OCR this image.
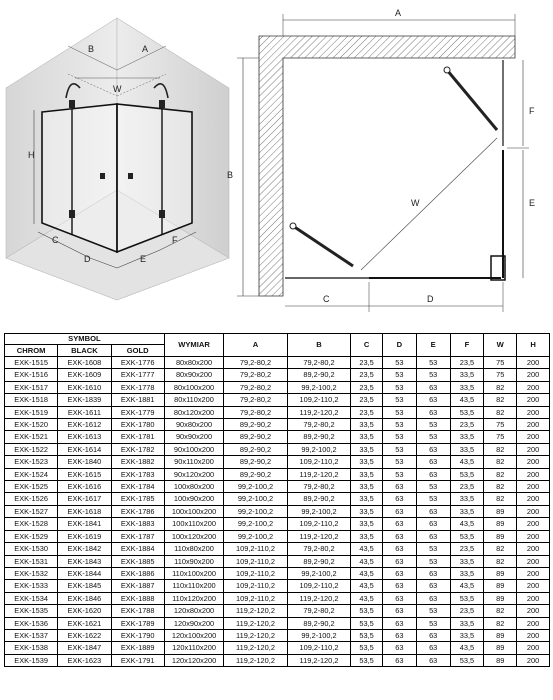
B	A
W
H
C
D	E
F
A
B
W
C	D
F
E
SYMBOL			WYMIAR	A	B	C	D	E	F	W	H
CHROM	BLACK	GOLD									
EXK-1515	EXK-1608	EXK-1776	80x80x200	79,2-80,2	79,2-80,2	23,5	53	53	23,5	75	200
EXK-1516	EXK-1609	EXK-1777	80x90x200	79,2-80,2	89,2-90,2	23,5	53	53	33,5	75	200
EXK-1517	EXK-1610	EXK-1778	80x100x200	79,2-80,2	99,2-100,2	23,5	53	63	33,5	82	200
EXK-1518	EXK-1839	EXK-1881	80x110x200	79,2-80,2	109,2-110,2	23,5	53	63	43,5	82	200
EXK-1519	EXK-1611	EXK-1779	80x120x200	79,2-80,2	119,2-120,2	23,5	53	63	53,5	82	200
EXK-1520	EXK-1612	EXK-1780	90x80x200	89,2-90,2	79,2-80,2	33,5	53	53	23,5	75	200
EXK-1521	EXK-1613	EXK-1781	90x90x200	89,2-90,2	89,2-90,2	33,5	53	53	33,5	75	200
EXK-1522	EXK-1614	EXK-1782	90x100x200	89,2-90,2	99,2-100,2	33,5	53	63	33,5	82	200
EXK-1523	EXK-1840	EXK-1882	90x110x200	89,2-90,2	109,2-110,2	33,5	53	63	43,5	82	200
EXK-1524	EXK-1615	EXK-1783	90x120x200	89,2-90,2	119,2-120,2	33,5	53	63	53,5	82	200
EXK-1525	EXK-1616	EXK-1784	100x80x200	99,2-100,2	79,2-80,2	33,5	63	53	23,5	82	200
EXK-1526	EXK-1617	EXK-1785	100x90x200	99,2-100,2	89,2-90,2	33,5	63	53	33,5	82	200
EXK-1527	EXK-1618	EXK-1786	100x100x200	99,2-100,2	99,2-100,2	33,5	63	63	33,5	89	200
EXK-1528	EXK-1841	EXK-1883	100x110x200	99,2-100,2	109,2-110,2	33,5	63	63	43,5	89	200
EXK-1529	EXK-1619	EXK-1787	100x120x200	99,2-100,2	119,2-120,2	33,5	63	63	53,5	89	200
EXK-1530	EXK-1842	EXK-1884	110x80x200	109,2-110,2	79,2-80,2	43,5	63	53	23,5	82	200
EXK-1531	EXK-1843	EXK-1885	110x90x200	109,2-110,2	89,2-90,2	43,5	63	53	33,5	82	200
EXK-1532	EXK-1844	EXK-1886	110x100x200	109,2-110,2	99,2-100,2	43,5	63	63	33,5	89	200
EXK-1533	EXK-1845	EXK-1887	110x110x200	109,2-110,2	109,2-110,2	43,5	63	63	43,5	89	200
EXK-1534	EXK-1846	EXK-1888	110x120x200	109,2-110,2	119,2-120,2	43,5	63	63	53,5	89	200
EXK-1535	EXK-1620	EXK-1788	120x80x200	119,2-120,2	79,2-80,2	53,5	63	53	23,5	82	200
EXK-1536	EXK-1621	EXK-1789	120x90x200	119,2-120,2	89,2-90,2	53,5	63	53	33,5	82	200
EXK-1537	EXK-1622	EXK-1790	120x100x200	119,2-120,2	99,2-100,2	53,5	63	63	33,5	89	200
EXK-1538	EXK-1847	EXK-1889	120x110x200	119,2-120,2	109,2-110,2	53,5	63	63	43,5	89	200
EXK-1539	EXK-1623	EXK-1791	120x120x200	119,2-120,2	119,2-120,2	53,5	63	63	53,5	89	200
